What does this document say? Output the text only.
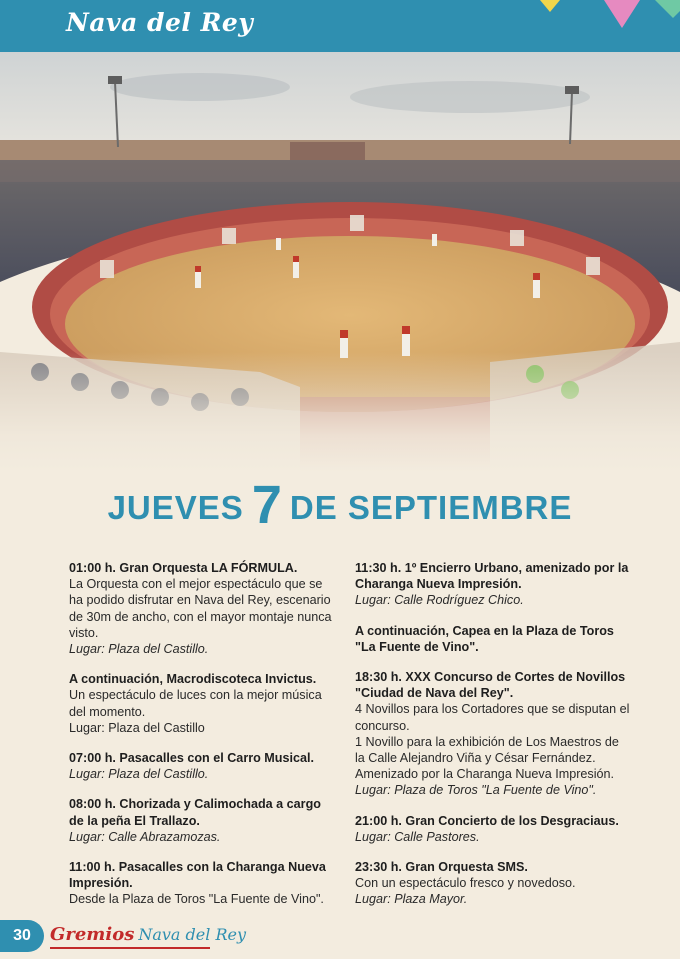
Nava del Rey
JUEVES 7 DE SEPTIEMBRE
01:00 h. Gran Orquesta LA FÓRMULA.
La Orquesta con el mejor espectáculo que se ha podido disfrutar en Nava del Rey, escenario de 30m de ancho, con el mayor montaje nunca visto.
Lugar: Plaza del Castillo.
A continuación, Macrodiscoteca Invictus.
Un espectáculo de luces con la mejor música del momento.
Lugar: Plaza del Castillo
07:00 h. Pasacalles con el Carro Musical.
Lugar: Plaza del Castillo.
08:00 h. Chorizada y Calimochada a cargo de la peña El Trallazo.
Lugar: Calle Abrazamozas.
11:00 h. Pasacalles con la Charanga Nueva Impresión.
Desde la Plaza de Toros "La Fuente de Vino".
11:30 h. 1º Encierro Urbano, amenizado por la Charanga Nueva Impresión.
Lugar: Calle Rodríguez Chico.
A continuación, Capea en la Plaza de Toros "La Fuente de Vino".
18:30 h. XXX Concurso de Cortes de Novillos "Ciudad de Nava del Rey".
4 Novillos para los Cortadores que se disputan el concurso.
1 Novillo para la exhibición de Los Maestros de la Calle Alejandro Viña y César Fernández. Amenizado por la Charanga Nueva Impresión.
Lugar: Plaza de Toros "La Fuente de Vino".
21:00 h. Gran Concierto de los Desgraciaus.
Lugar: Calle Pastores.
23:30 h. Gran Orquesta SMS.
Con un espectáculo fresco y novedoso.
Lugar: Plaza Mayor.
30	Gremios Nava del Rey
